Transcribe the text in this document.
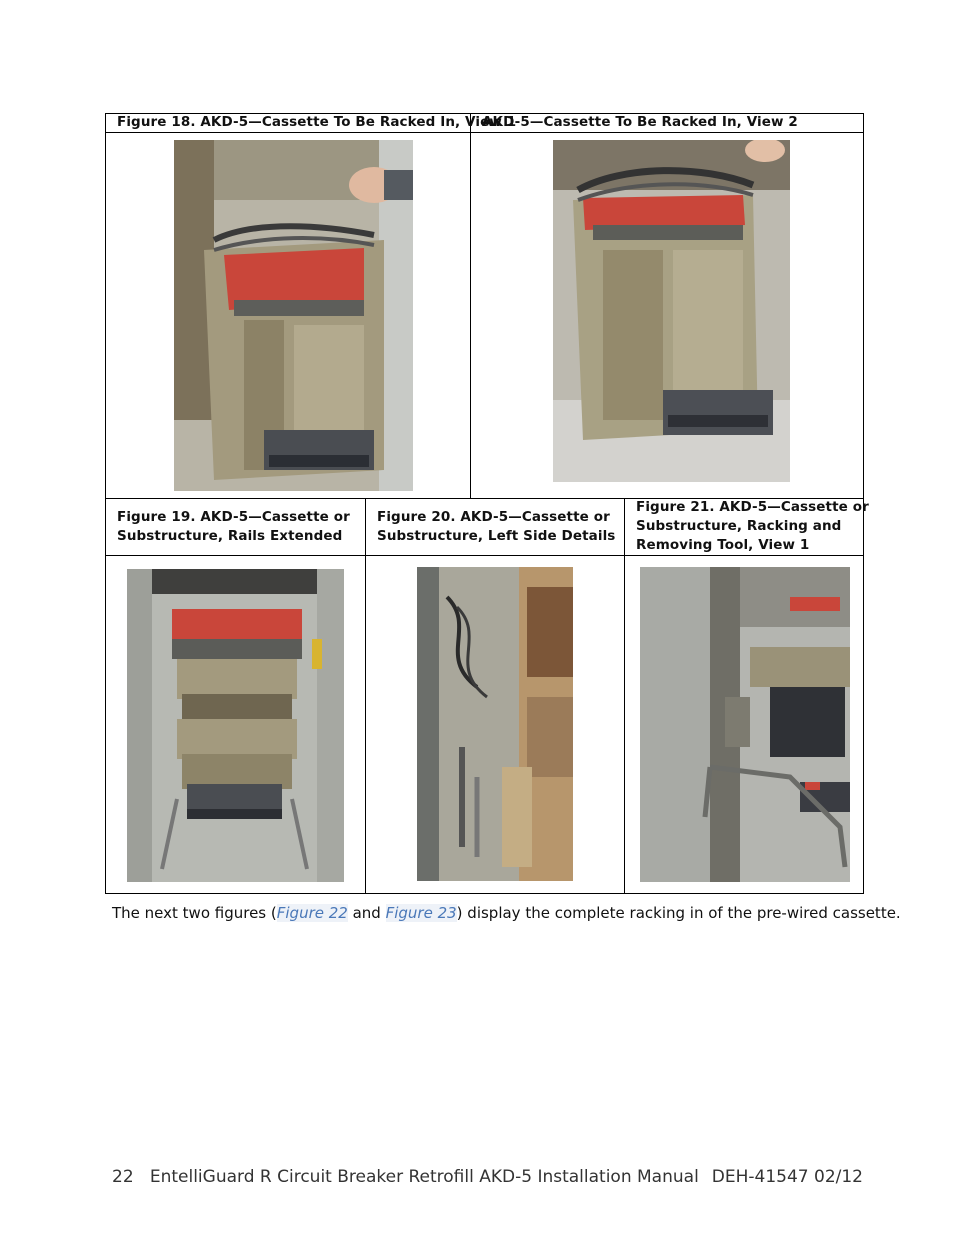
Figure 18. AKD-5—Cassette To Be Racked In, View 1
AKD-5—Cassette To Be Racked In, View 2
Figure 19. AKD-5—Cassette or
Substructure, Rails Extended
Figure 20. AKD-5—Cassette or
Substructure, Left Side Details
Figure 21. AKD-5—Cassette or
Substructure, Racking and
Removing Tool, View 1
The next two figures (Figure 22 and Figure 23) display the complete racking in of the pre-wired cassette.
22   EntelliGuard R Circuit Breaker Retrofill AKD-5 Installation Manual DEH-41547 02/12
